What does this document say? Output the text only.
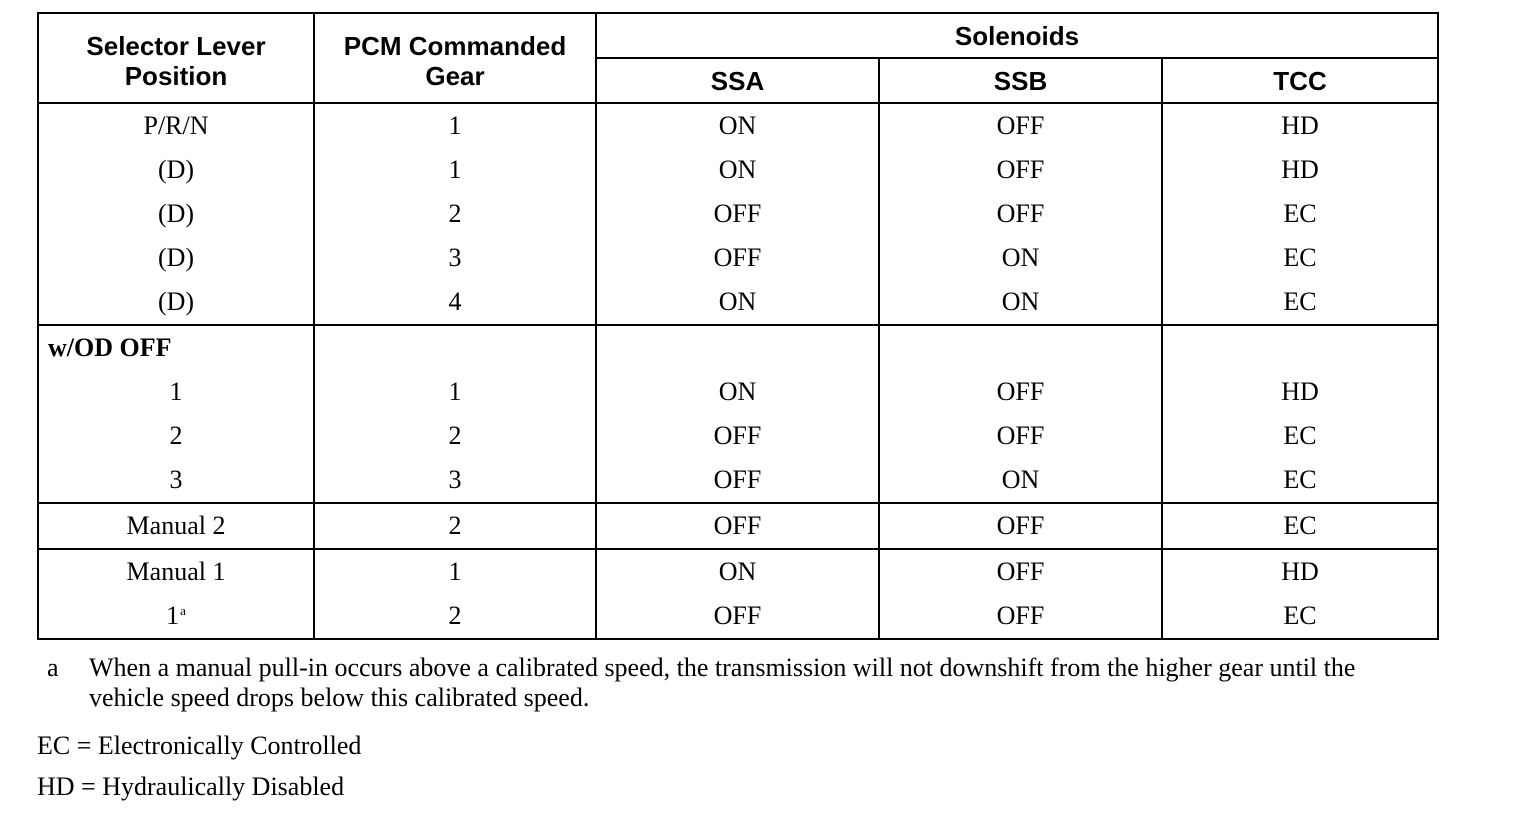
Selector Lever Position	PCM Commanded Gear	Solenoids		
		SSA	SSB	TCC
P/R/N	1	ON	OFF	HD
(D)	1	ON	OFF	HD
(D)	2	OFF	OFF	EC
(D)	3	OFF	ON	EC
(D)	4	ON	ON	EC
w/OD OFF				
1	1	ON	OFF	HD
2	2	OFF	OFF	EC
3	3	OFF	ON	EC
Manual 2	2	OFF	OFF	EC
Manual 1	1	ON	OFF	HD
1$^a$	2	OFF	OFF	EC
a When a manual pull-in occurs above a calibrated speed, the transmission will not downshift from the higher gear until the vehicle speed drops below this calibrated speed.
EC = Electronically Controlled
HD = Hydraulically Disabled
